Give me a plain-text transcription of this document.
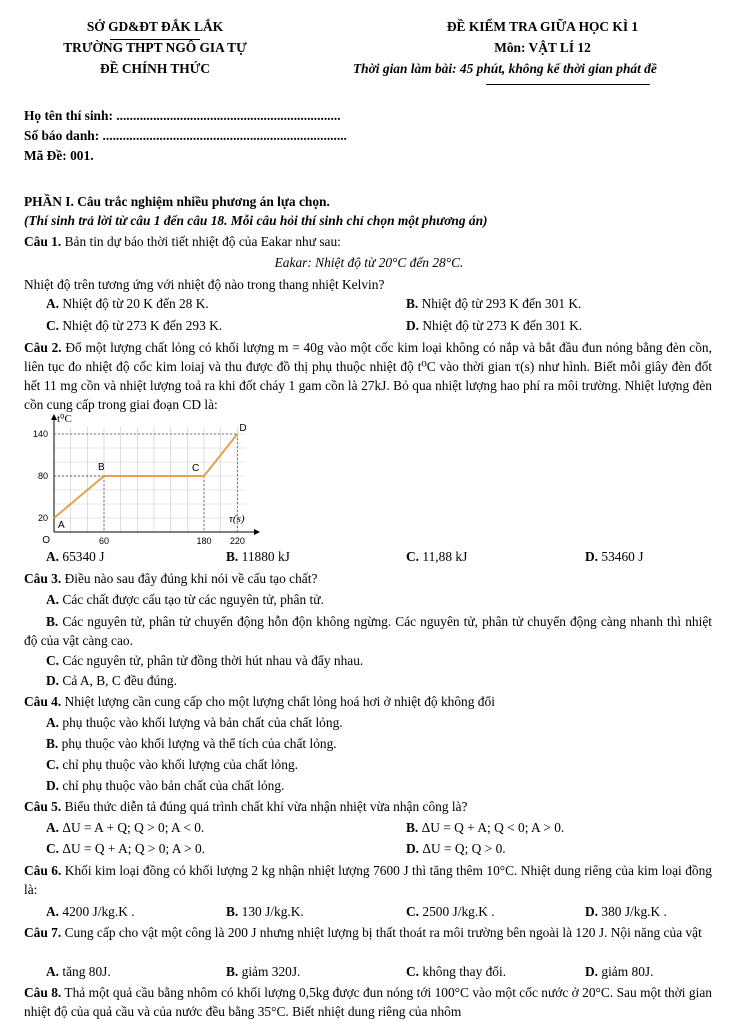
SỞ GD&ĐT ĐẮK LẮK
TRƯỜNG THPT NGÔ GIA TỰ
ĐỀ CHÍNH THỨC
ĐỀ KIỂM TRA GIỮA HỌC KÌ 1
Môn: VẬT LÍ 12
Thời gian làm bài: 45 phút, không kể thời gian phát đề
Họ tên thí sinh: ...................................................................
Số báo danh: .........................................................................
Mã Đề: 001.
PHẦN I. Câu trắc nghiệm nhiều phương án lựa chọn.
(Thí sinh trả lời từ câu 1 đến câu 18. Mỗi câu hỏi thí sinh chỉ chọn một phương án)
Câu 1. Bản tin dự báo thời tiết nhiệt độ của Eakar như sau:
Eakar: Nhiệt độ từ 20°C đến 28°C.
Nhiệt độ trên tương ứng với nhiệt độ nào trong thang nhiệt Kelvin?
A. Nhiệt độ từ 20 K đến 28 K.	B. Nhiệt độ từ 293 K đến 301 K.
C. Nhiệt độ từ 273 K đến 293 K.	D. Nhiệt độ từ 273 K đến 301 K.
Câu 2. Đổ một lượng chất lỏng có khối lượng m = 40g vào một cốc kim loại không có nắp và bắt đầu đun nóng bằng đèn cồn, liên tục đo nhiệt độ cốc kim loiaj và thu được đồ thị phụ thuộc nhiệt độ t⁰C vào thời gian τ(s) như hình. Biết mỗi giây đèn đốt hết 11 mg cồn và nhiệt lượng toả ra khi đốt cháy 1 gam cồn là 27kJ. Bỏ qua nhiệt lượng hao phí ra môi trường. Nhiệt lượng đèn cồn cung cấp trong giai đoạn CD là:
A
B	C
D
60	180 220
20
80
140
O
t⁰C
τ(s)
A. 65340 J	B. 11880 kJ	C. 11,88 kJ	D. 53460 J
Câu 3. Điều nào sau đây đúng khi nói về cấu tạo chất?
A. Các chất được cấu tạo từ các nguyên tử, phân tử.
B. Các nguyên tử, phân tử chuyển động hỗn độn không ngừng. Các nguyên tử, phân tử chuyển động càng nhanh thì nhiệt độ của vật càng cao.
C. Các nguyên tử, phân tử đồng thời hút nhau và đẩy nhau.
D. Cả A, B, C đều đúng.
Câu 4. Nhiệt lượng cần cung cấp cho một lượng chất lỏng hoá hơi ở nhiệt độ không đổi
A. phụ thuộc vào khối lượng và bản chất của chất lỏng.
B. phụ thuộc vào khối lượng và thể tích của chất lỏng.
C. chỉ phụ thuộc vào khối lượng của chất lỏng.
D. chỉ phụ thuộc vào bản chất của chất lỏng.
Câu 5. Biểu thức diễn tả đúng quá trình chất khí vừa nhận nhiệt vừa nhận công là?
A. ΔU = A + Q; Q > 0; A < 0.	B. ΔU = Q + A; Q < 0; A > 0.
C. ΔU = Q + A; Q > 0; A > 0.	D. ΔU = Q; Q > 0.
Câu 6. Khối kim loại đồng có khối lượng 2 kg nhận nhiệt lượng 7600 J thì tăng thêm 10°C. Nhiệt dung riêng của kim loại đồng là:
A. 4200 J/kg.K .	B. 130 J/kg.K.	C. 2500 J/kg.K .	D. 380 J/kg.K .
Câu 7. Cung cấp cho vật một công là 200 J nhưng nhiệt lượng bị thất thoát ra môi trường bên ngoài là 120 J. Nội năng của vật
A. tăng 80J.	B. giảm 320J.	C. không thay đổi.	D. giảm 80J.
Câu 8. Thả một quả cầu bằng nhôm có khối lượng 0,5kg được đun nóng tới 100°C vào một cốc nước ở 20°C. Sau một thời gian nhiệt độ của quả cầu và của nước đều bằng 35°C. Biết nhiệt dung riêng của nhôm
